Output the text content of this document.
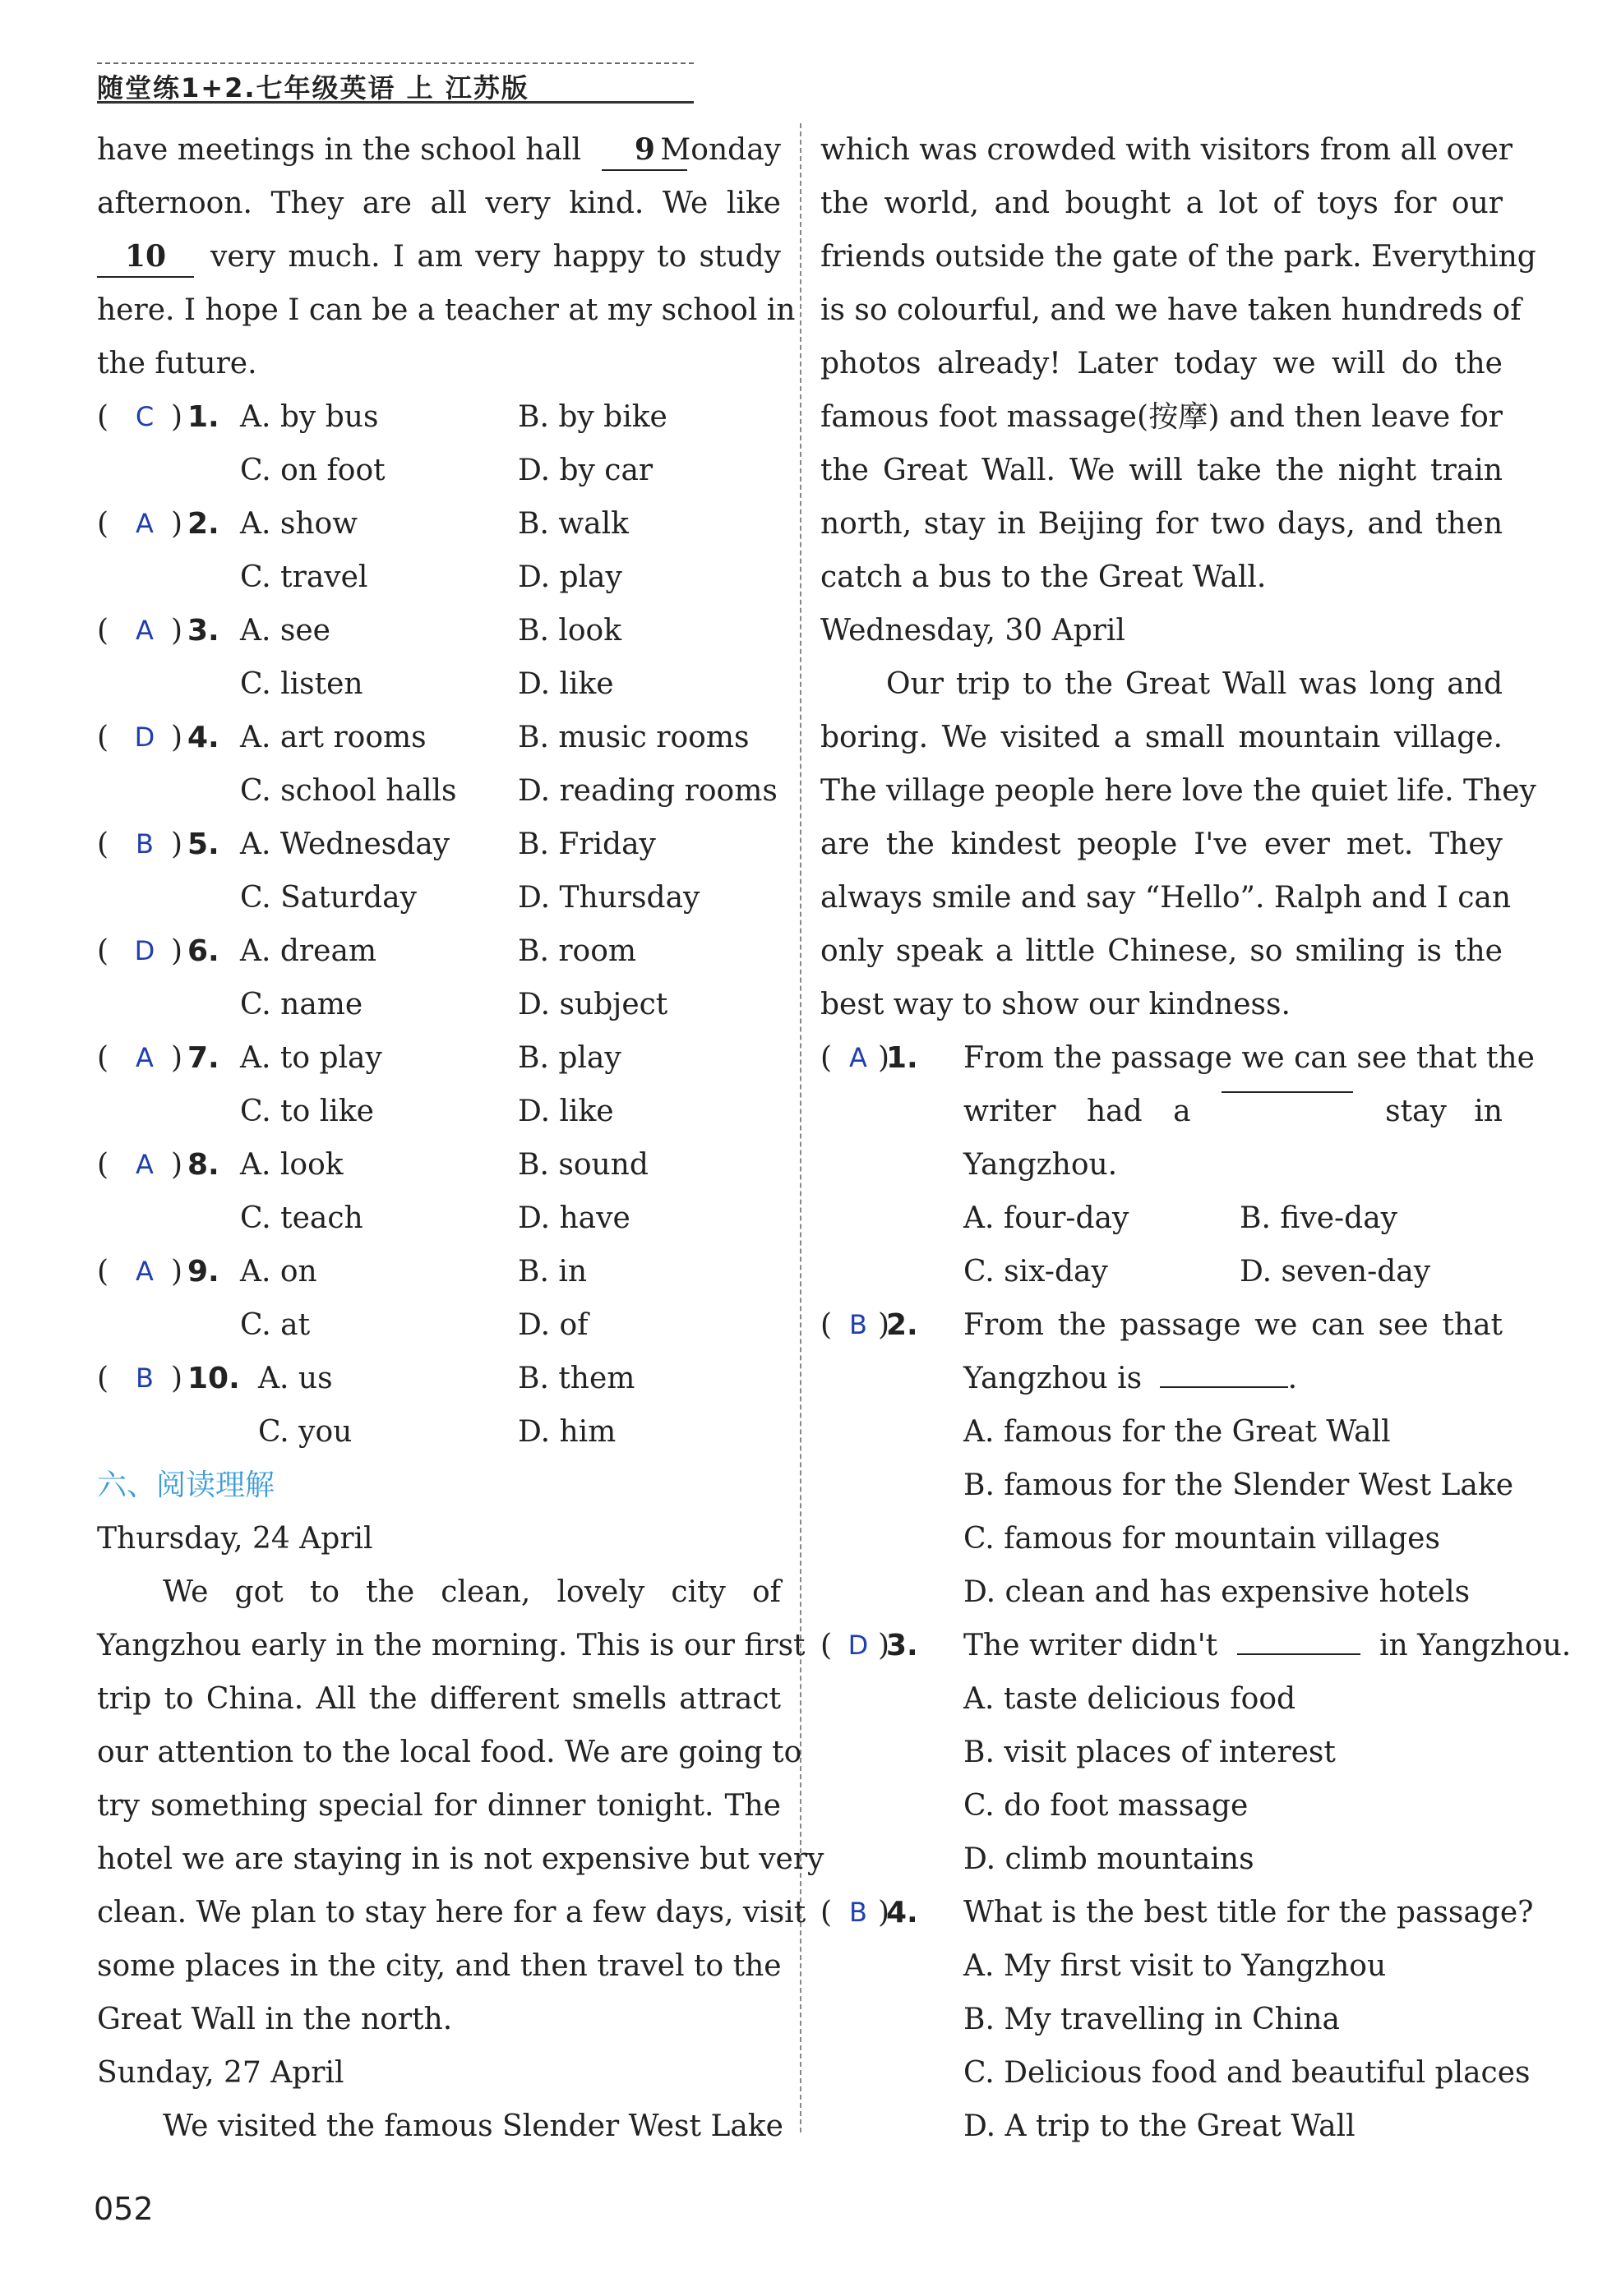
随堂练1+2.七年级英语 上 江苏版
have meetings in the school hall 9 Monday
afternoon. They are all very kind. We like
10 very much. I am very happy to study
here. I hope I can be a teacher at my school in
the future.
( C ) 1. A. by bus	B. by bike
C. on foot	D. by car
( A ) 2. A. show	B. walk
C. travel	D. play
( A ) 3. A. see	B. look
C. listen	D. like
( D ) 4. A. art rooms	B. music rooms
C. school halls D. reading rooms
( B ) 5. A. Wednesday B. Friday
C. Saturday	D. Thursday
( D ) 6. A. dream	B. room
C. name	D. subject
( A ) 7. A. to play	B. play
C. to like	D. like
( A ) 8. A. look	B. sound
C. teach	D. have
( A ) 9. A. on	B. in
C. at	D. of
( B ) 10. A. us	B. them
C. you	D. him
六、阅读理解
Thursday, 24 April
We got to the clean, lovely city of
Yangzhou early in the morning. This is our first
trip to China. All the different smells attract
our attention to the local food. We are going to
try something special for dinner tonight. The
hotel we are staying in is not expensive but very
clean. We plan to stay here for a few days, visit
some places in the city, and then travel to the
Great Wall in the north.
Sunday, 27 April
We visited the famous Slender West Lake
which was crowded with visitors from all over
the world, and bought a lot of toys for our
friends outside the gate of the park. Everything
is so colourful, and we have taken hundreds of
photos already! Later today we will do the
famous foot massage(按摩) and then leave for
the Great Wall. We will take the night train
north, stay in Beijing for two days, and then
catch a bus to the Great Wall.
Wednesday, 30 April
Our trip to the Great Wall was long and
boring. We visited a small mountain village.
The village people here love the quiet life. They
are the kindest people I've ever met. They
always smile and say “Hello”. Ralph and I can
only speak a little Chinese, so smiling is the
best way to show our kindness.
( A )
1. From the passage we can see that the
writer had a	stay in
Yangzhou.
A. four-day	B. five-day
C. six-day	D. seven-day
( B )
2. From the passage we can see that
Yangzhou is	.
A. famous for the Great Wall
B. famous for the Slender West Lake
C. famous for mountain villages
D. clean and has expensive hotels
( D )
3. The writer didn't	in Yangzhou.
A. taste delicious food
B. visit places of interest
C. do foot massage
D. climb mountains
( B )
4. What is the best title for the passage?
A. My first visit to Yangzhou
B. My travelling in China
C. Delicious food and beautiful places
D. A trip to the Great Wall
052
